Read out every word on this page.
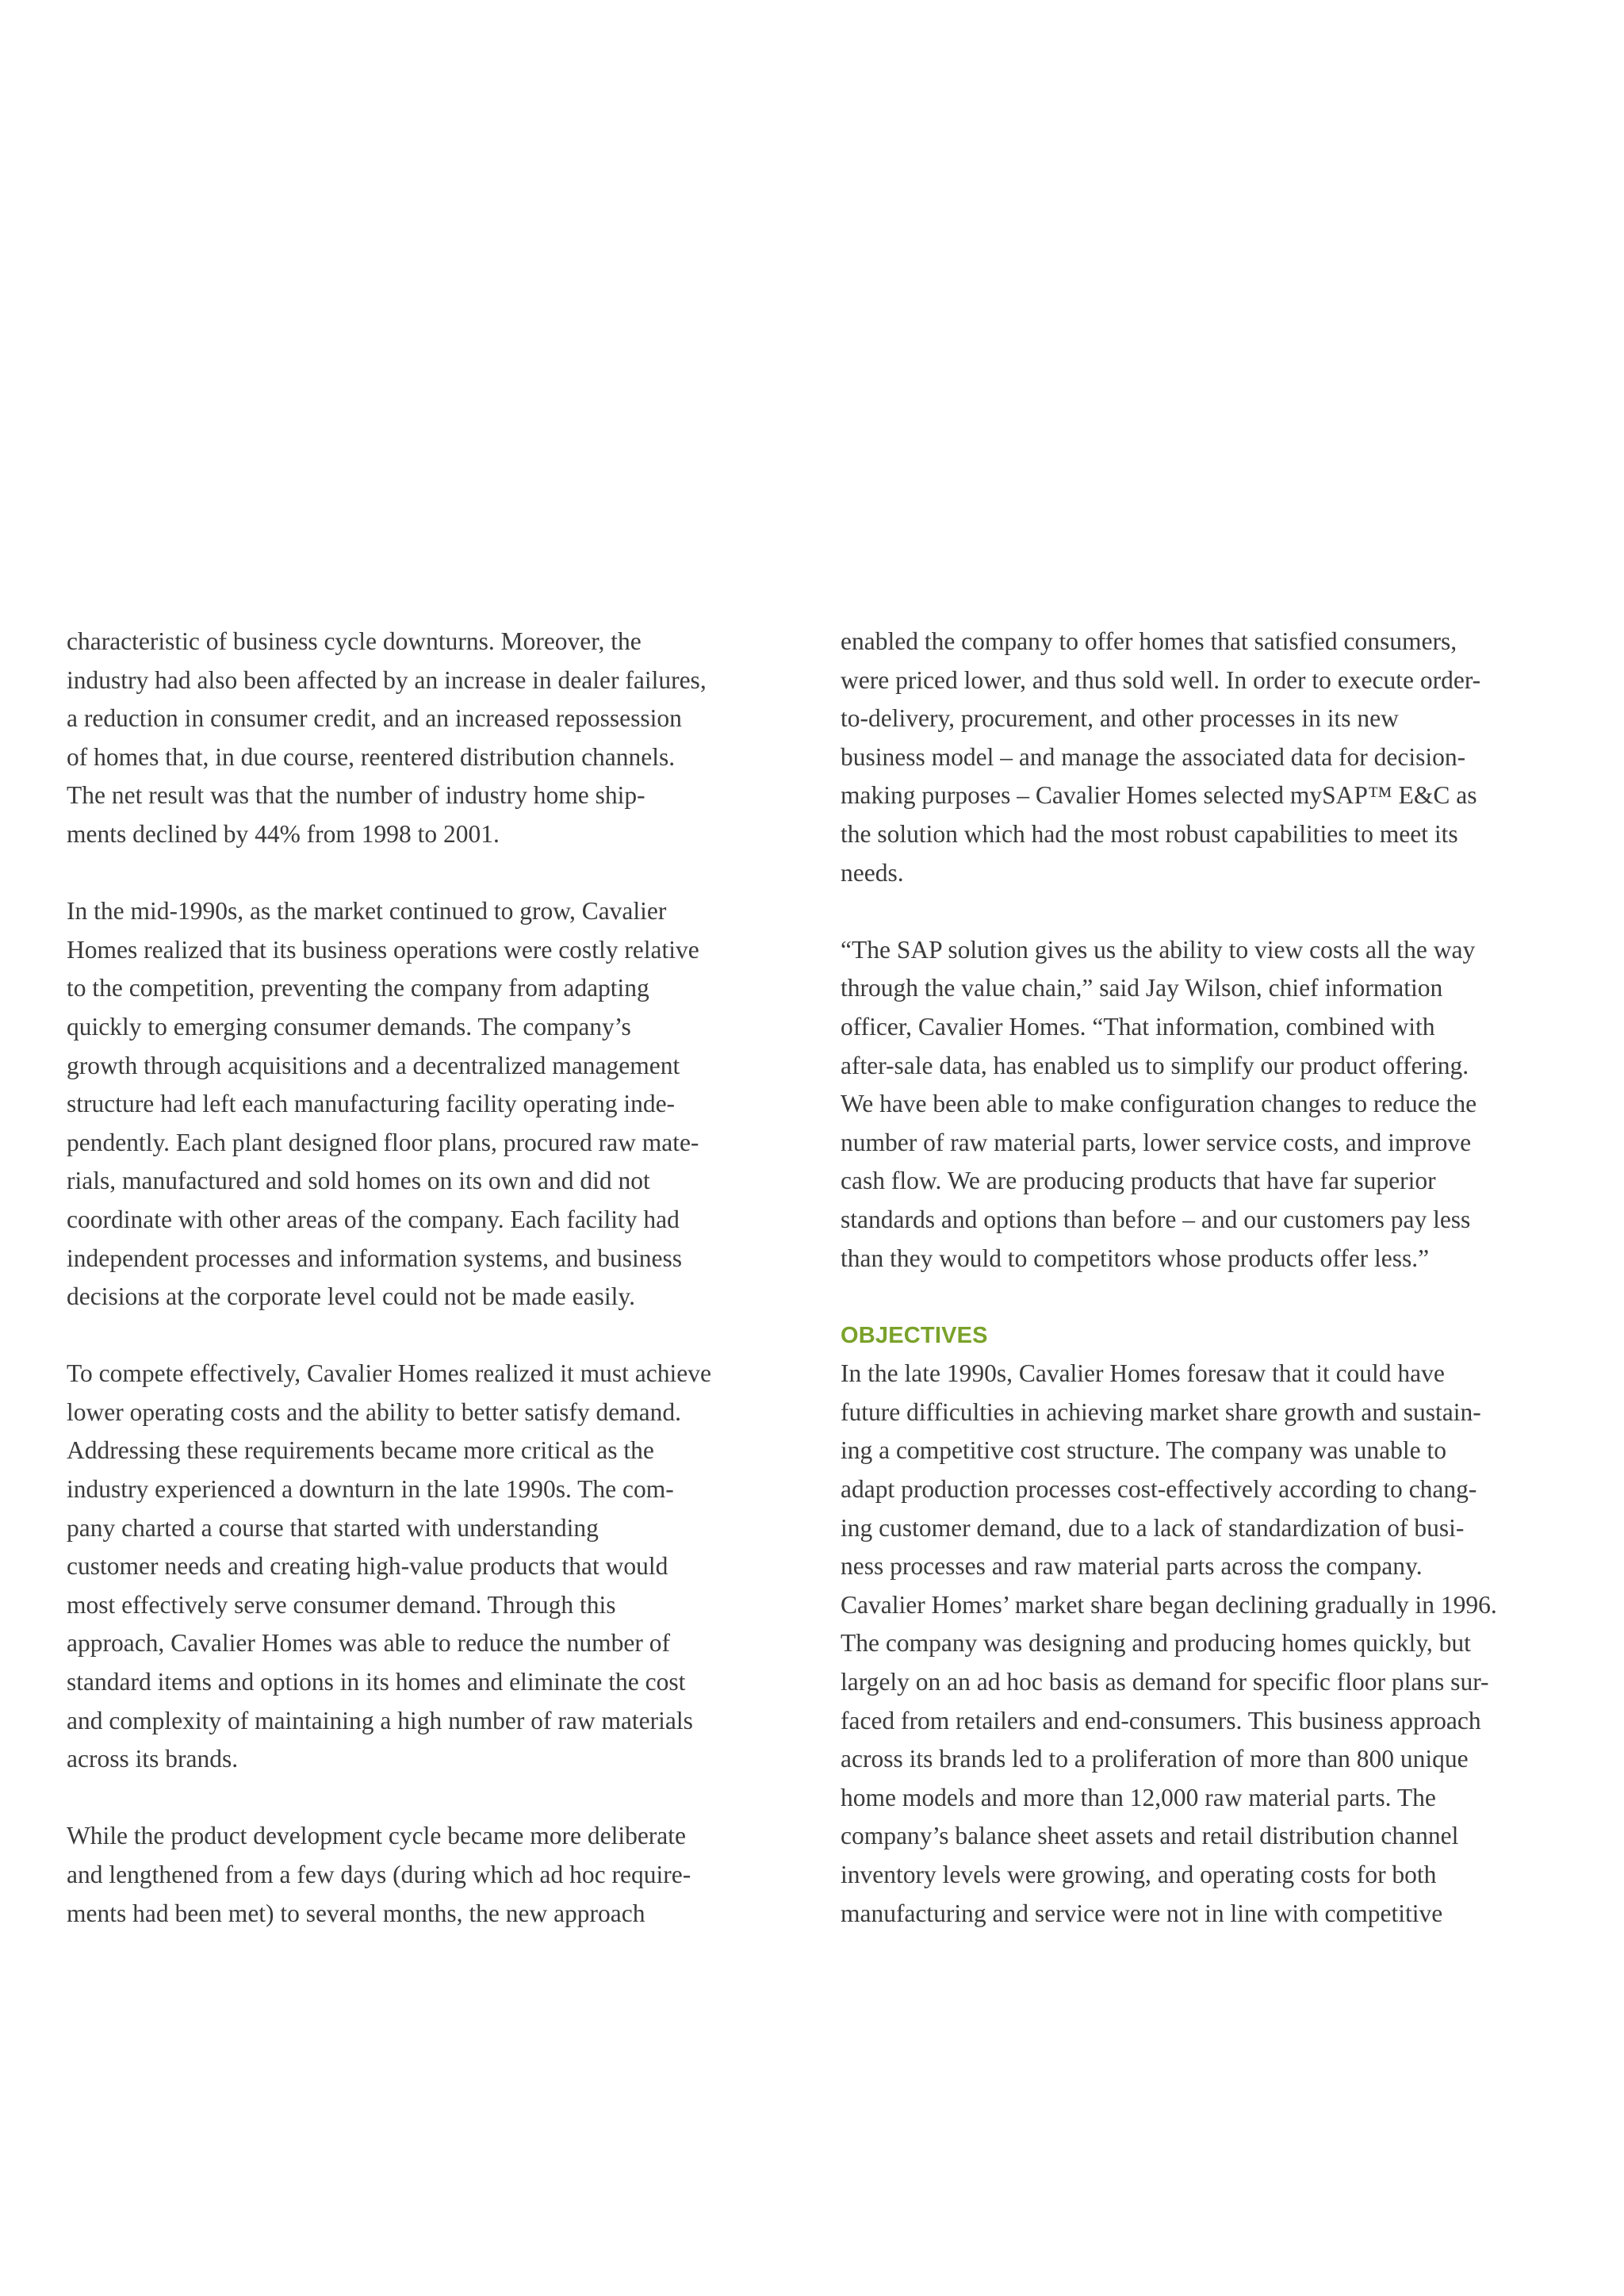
characteristic of business cycle downturns. Moreover, the
industry had also been affected by an increase in dealer failures,
a reduction in consumer credit, and an increased repossession
of homes that, in due course, reentered distribution channels.
The net result was that the number of industry home ship-
ments declined by 44% from 1998 to 2001.

In the mid-1990s, as the market continued to grow, Cavalier
Homes realized that its business operations were costly relative
to the competition, preventing the company from adapting
quickly to emerging consumer demands. The company’s
growth through acquisitions and a decentralized management
structure had left each manufacturing facility operating inde-
pendently. Each plant designed floor plans, procured raw mate-
rials, manufactured and sold homes on its own and did not
coordinate with other areas of the company. Each facility had
independent processes and information systems, and business
decisions at the corporate level could not be made easily.

To compete effectively, Cavalier Homes realized it must achieve
lower operating costs and the ability to better satisfy demand.
Addressing these requirements became more critical as the
industry experienced a downturn in the late 1990s. The com-
pany charted a course that started with understanding
customer needs and creating high-value products that would
most effectively serve consumer demand. Through this
approach, Cavalier Homes was able to reduce the number of
standard items and options in its homes and eliminate the cost
and complexity of maintaining a high number of raw materials
across its brands.

While the product development cycle became more deliberate
and lengthened from a few days (during which ad hoc require-
ments had been met) to several months, the new approach

enabled the company to offer homes that satisfied consumers,
were priced lower, and thus sold well. In order to execute order-
to-delivery, procurement, and other processes in its new
business model – and manage the associated data for decision-
making purposes – Cavalier Homes selected mySAP™ E&C as
the solution which had the most robust capabilities to meet its
needs.

“The SAP solution gives us the ability to view costs all the way
through the value chain,” said Jay Wilson, chief information
officer, Cavalier Homes. “That information, combined with
after-sale data, has enabled us to simplify our product offering.
We have been able to make configuration changes to reduce the
number of raw material parts, lower service costs, and improve
cash flow. We are producing products that have far superior
standards and options than before – and our customers pay less
than they would to competitors whose products offer less.”

OBJECTIVES

In the late 1990s, Cavalier Homes foresaw that it could have
future difficulties in achieving market share growth and sustain-
ing a competitive cost structure. The company was unable to
adapt production processes cost-effectively according to chang-
ing customer demand, due to a lack of standardization of busi-
ness processes and raw material parts across the company.
Cavalier Homes’ market share began declining gradually in 1996.
The company was designing and producing homes quickly, but
largely on an ad hoc basis as demand for specific floor plans sur-
faced from retailers and end-consumers. This business approach
across its brands led to a proliferation of more than 800 unique
home models and more than 12,000 raw material parts. The
company’s balance sheet assets and retail distribution channel
inventory levels were growing, and operating costs for both
manufacturing and service were not in line with competitive
